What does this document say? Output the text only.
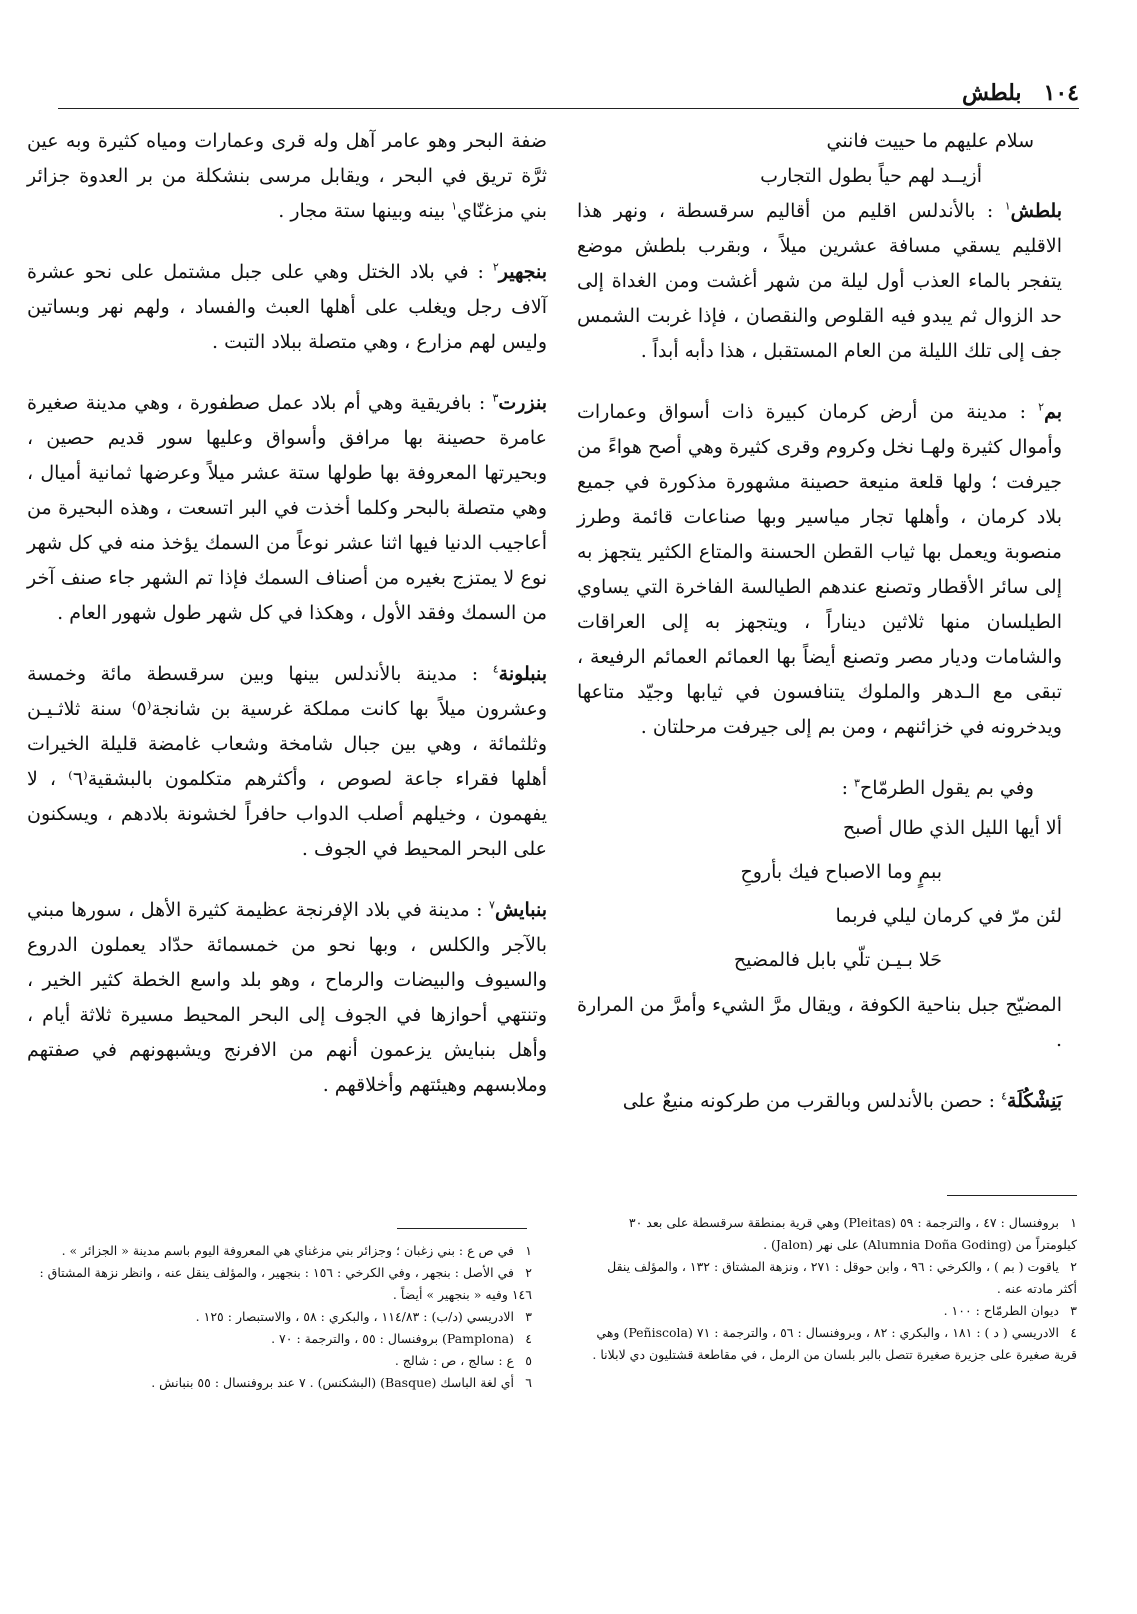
١٠٤
بلطش
سلام عليهم ما حييت فانني
أزيــد لهم حياً بطول التجارب

بلطش$^١$ : بالأندلس اقليم من أقاليم سرقسطة ، ونهر هذا الاقليم يسقي مسافة عشرين ميلاً ، وبقرب بلطش موضع يتفجر بالماء العذب أول ليلة من شهر أغشت ومن الغداة إلى حد الزوال ثم يبدو فيه القلوص والنقصان ، فإذا غربت الشمس جف إلى تلك الليلة من العام المستقبل ، هذا دأبه أبداً .

بم$^٢$ : مدينة من أرض كرمان كبيرة ذات أسواق وعمارات وأموال كثيرة ولهـا نخل وكروم وقرى كثيرة وهي أصح هواءً من جيرفت ؛ ولها قلعة منيعة حصينة مشهورة مذكورة في جميع بلاد كرمان ، وأهلها تجار مياسير وبها صناعات قائمة وطرز منصوبة ويعمل بها ثياب القطن الحسنة والمتاع الكثير يتجهز به إلى سائر الأقطار وتصنع عندهم الطيالسة الفاخرة التي يساوي الطيلسان منها ثلاثين ديناراً ، ويتجهز به إلى العراقات والشامات وديار مصر وتصنع أيضاً بها العمائم العمائم الرفيعة ، تبقى مع الـدهر والملوك يتنافسون في ثيابها وجيّد متاعها ويدخرونه في خزائنهم ، ومن بم إلى جيرفت مرحلتان .

وفي بم يقول الطرمّاح$^٣$ :

ألا أيها الليل الذي طال أصبح
ببمٍ وما الاصباح فيك بأروحِ
لئن مرّ في كرمان ليلي فربما
حَلا بـيـن تلّي بابل فالمضيح

المضيّح جبل بناحية الكوفة ، ويقال مرَّ الشيء وأمرَّ من المرارة .

بَنِشْكُلَة$^٤$ : حصن بالأندلس وبالقرب من طركونه منيعٌ على

ضفة البحر وهو عامر آهل وله قرى وعمارات ومياه كثيرة وبه عين ثرَّة تريق في البحر ، ويقابل مرسى بنشكلة من بر العدوة جزائر بني مزغنّاي$^١$ بينه وبينها ستة مجار .

بنجهير$^٢$ : في بلاد الختل وهي على جبل مشتمل على نحو عشرة آلاف رجل ويغلب على أهلها العبث والفساد ، ولهم نهر وبساتين وليس لهم مزارع ، وهي متصلة ببلاد التبت .

بنزرت$^٣$ : بافريقية وهي أم بلاد عمل صطفورة ، وهي مدينة صغيرة عامرة حصينة بها مرافق وأسواق وعليها سور قديم حصين ، وبحيرتها المعروفة بها طولها ستة عشر ميلاً وعرضها ثمانية أميال ، وهي متصلة بالبحر وكلما أخذت في البر اتسعت ، وهذه البحيرة من أعاجيب الدنيا فيها اثنا عشر نوعاً من السمك يؤخذ منه في كل شهر نوع لا يمتزج بغيره من أصناف السمك فإذا تم الشهر جاء صنف آخر من السمك وفقد الأول ، وهكذا في كل شهر طول شهور العام .

بنبلونة$^٤$ : مدينة بالأندلس بينها وبين سرقسطة مائة وخمسة وعشرون ميلاً بها كانت مملكة غرسية بن شانجة⁽٥⁾ سنة ثلاثـيـن وثلثمائة ، وهي بين جبال شامخة وشعاب غامضة قليلة الخيرات أهلها فقراء جاعة لصوص ، وأكثرهم متكلمون بالبشقية⁽٦⁾ ، لا يفهمون ، وخيلهم أصلب الدواب حافراً لخشونة بلادهم ، ويسكنون على البحر المحيط في الجوف .

بنبايش$^٧$ : مدينة في بلاد الإفرنجة عظيمة كثيرة الأهل ، سورها مبني بالآجر والكلس ، وبها نحو من خمسمائة حدّاد يعملون الدروع والسيوف والبيضات والرماح ، وهو بلد واسع الخطة كثير الخير ، وتنتهي أحوازها في الجوف إلى البحر المحيط مسيرة ثلاثة أيام ، وأهل بنبايش يزعمون أنهم من الافرنج ويشبهونهم في صفتهم وملابسهم وهيئتهم وأخلاقهم .

١بروفنسال : ٤٧ ، والترجمة : ٥٩ (Pleitas) وهي قرية بمنطقة سرقسطة على بعد ٣٠ كيلومتراً من (Alumnia Doña Goding) على نهر (Jalon) .
٢ياقوت ( بم ) ، والكرخي : ٩٦ ، وابن حوقل : ٢٧١ ، ونزهة المشتاق : ١٣٢ ، والمؤلف ينقل أكثر مادته عنه .
٣ديوان الطرمّاح : ١٠٠ .
٤الادريسي ( د ) : ١٨١ ، والبكري : ٨٢ ، وبروفنسال : ٥٦ ، والترجمة : ٧١ (Peñiscola) وهي قرية صغيرة على جزيرة صغيرة تتصل بالبر بلسان من الرمل ، في مقاطعة قشتليون دي لابلانا .
١في ص ع : بني زغبان ؛ وجزائر بني مزغناي هي المعروفة اليوم باسم مدينة « الجزائر » .
٢في الأصل : بنجهر ، وفي الكرخي : ١٥٦ : بنجهير ، والمؤلف ينقل عنه ، وانظر نزهة المشتاق : ١٤٦ وفيه « بنجهير » أيضاً .
٣الادريسي (د/ب) : ١١٤/٨٣ ، والبكري : ٥٨ ، والاستبصار : ١٢٥ .
٤(Pamplona) بروفنسال : ٥٥ ، والترجمة : ٧٠ .
٥ع : سالج ، ص : شالج .
٦أي لغة الباسك (Basque) (البشكنس) . ٧ عند بروفنسال : ٥٥ بنبانش .
